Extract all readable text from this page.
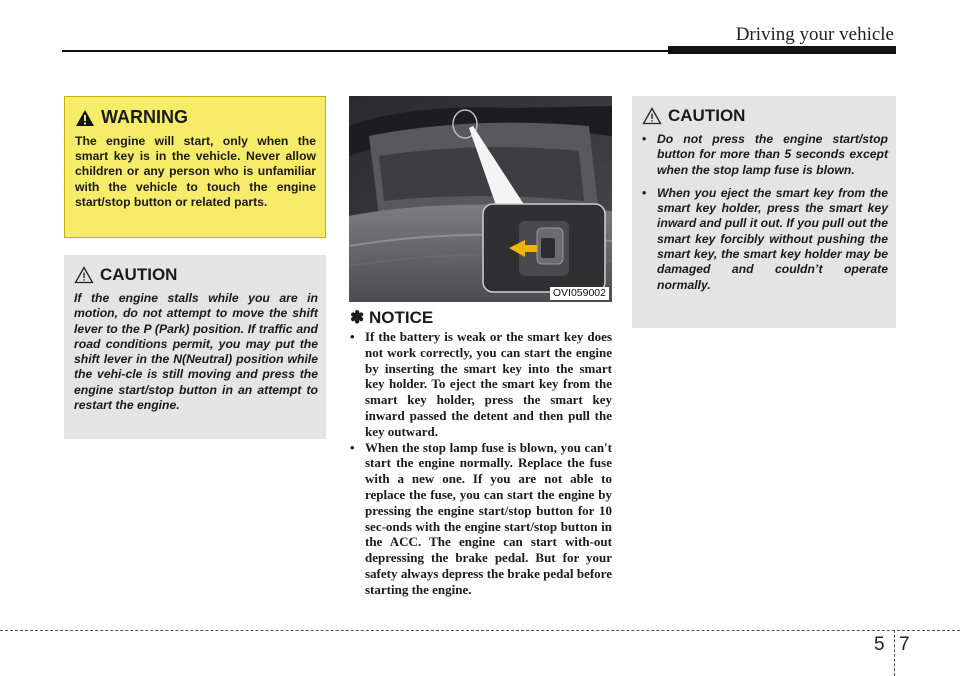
Driving your vehicle
WARNING
The engine will start, only when the smart key is in the vehicle. Never allow children or any person who is unfamiliar with the vehicle to touch the engine start/stop button or related parts.
CAUTION
If the engine stalls while you are in motion, do not attempt to move the shift lever to the P (Park) position. If traffic and road conditions permit, you may put the shift lever in the N(Neutral) position while the vehi-cle is still moving and press the engine start/stop button in an attempt to restart the engine.
OVI059002
✽ NOTICE
• If the battery is weak or the smart key does not work correctly, you can start the engine by inserting the smart key into the smart key holder. To eject the smart key from the smart key holder, press the smart key inward passed the detent and then pull the key outward.
• When the stop lamp fuse is blown, you can't start the engine normally. Replace the fuse with a new one. If you are not able to replace the fuse, you can start the engine by pressing the engine start/stop button for 10 sec-onds with the engine start/stop button in the ACC. The engine can start with-out depressing the brake pedal. But for your safety always depress the brake pedal before starting the engine.
CAUTION
• Do not press the engine start/stop button for more than 5 seconds except when the stop lamp fuse is blown.
• When you eject the smart key from the smart key holder, press the smart key inward and pull it out. If you pull out the smart key forcibly without pushing the smart key, the smart key holder may be damaged and couldn’t operate normally.
5 7
